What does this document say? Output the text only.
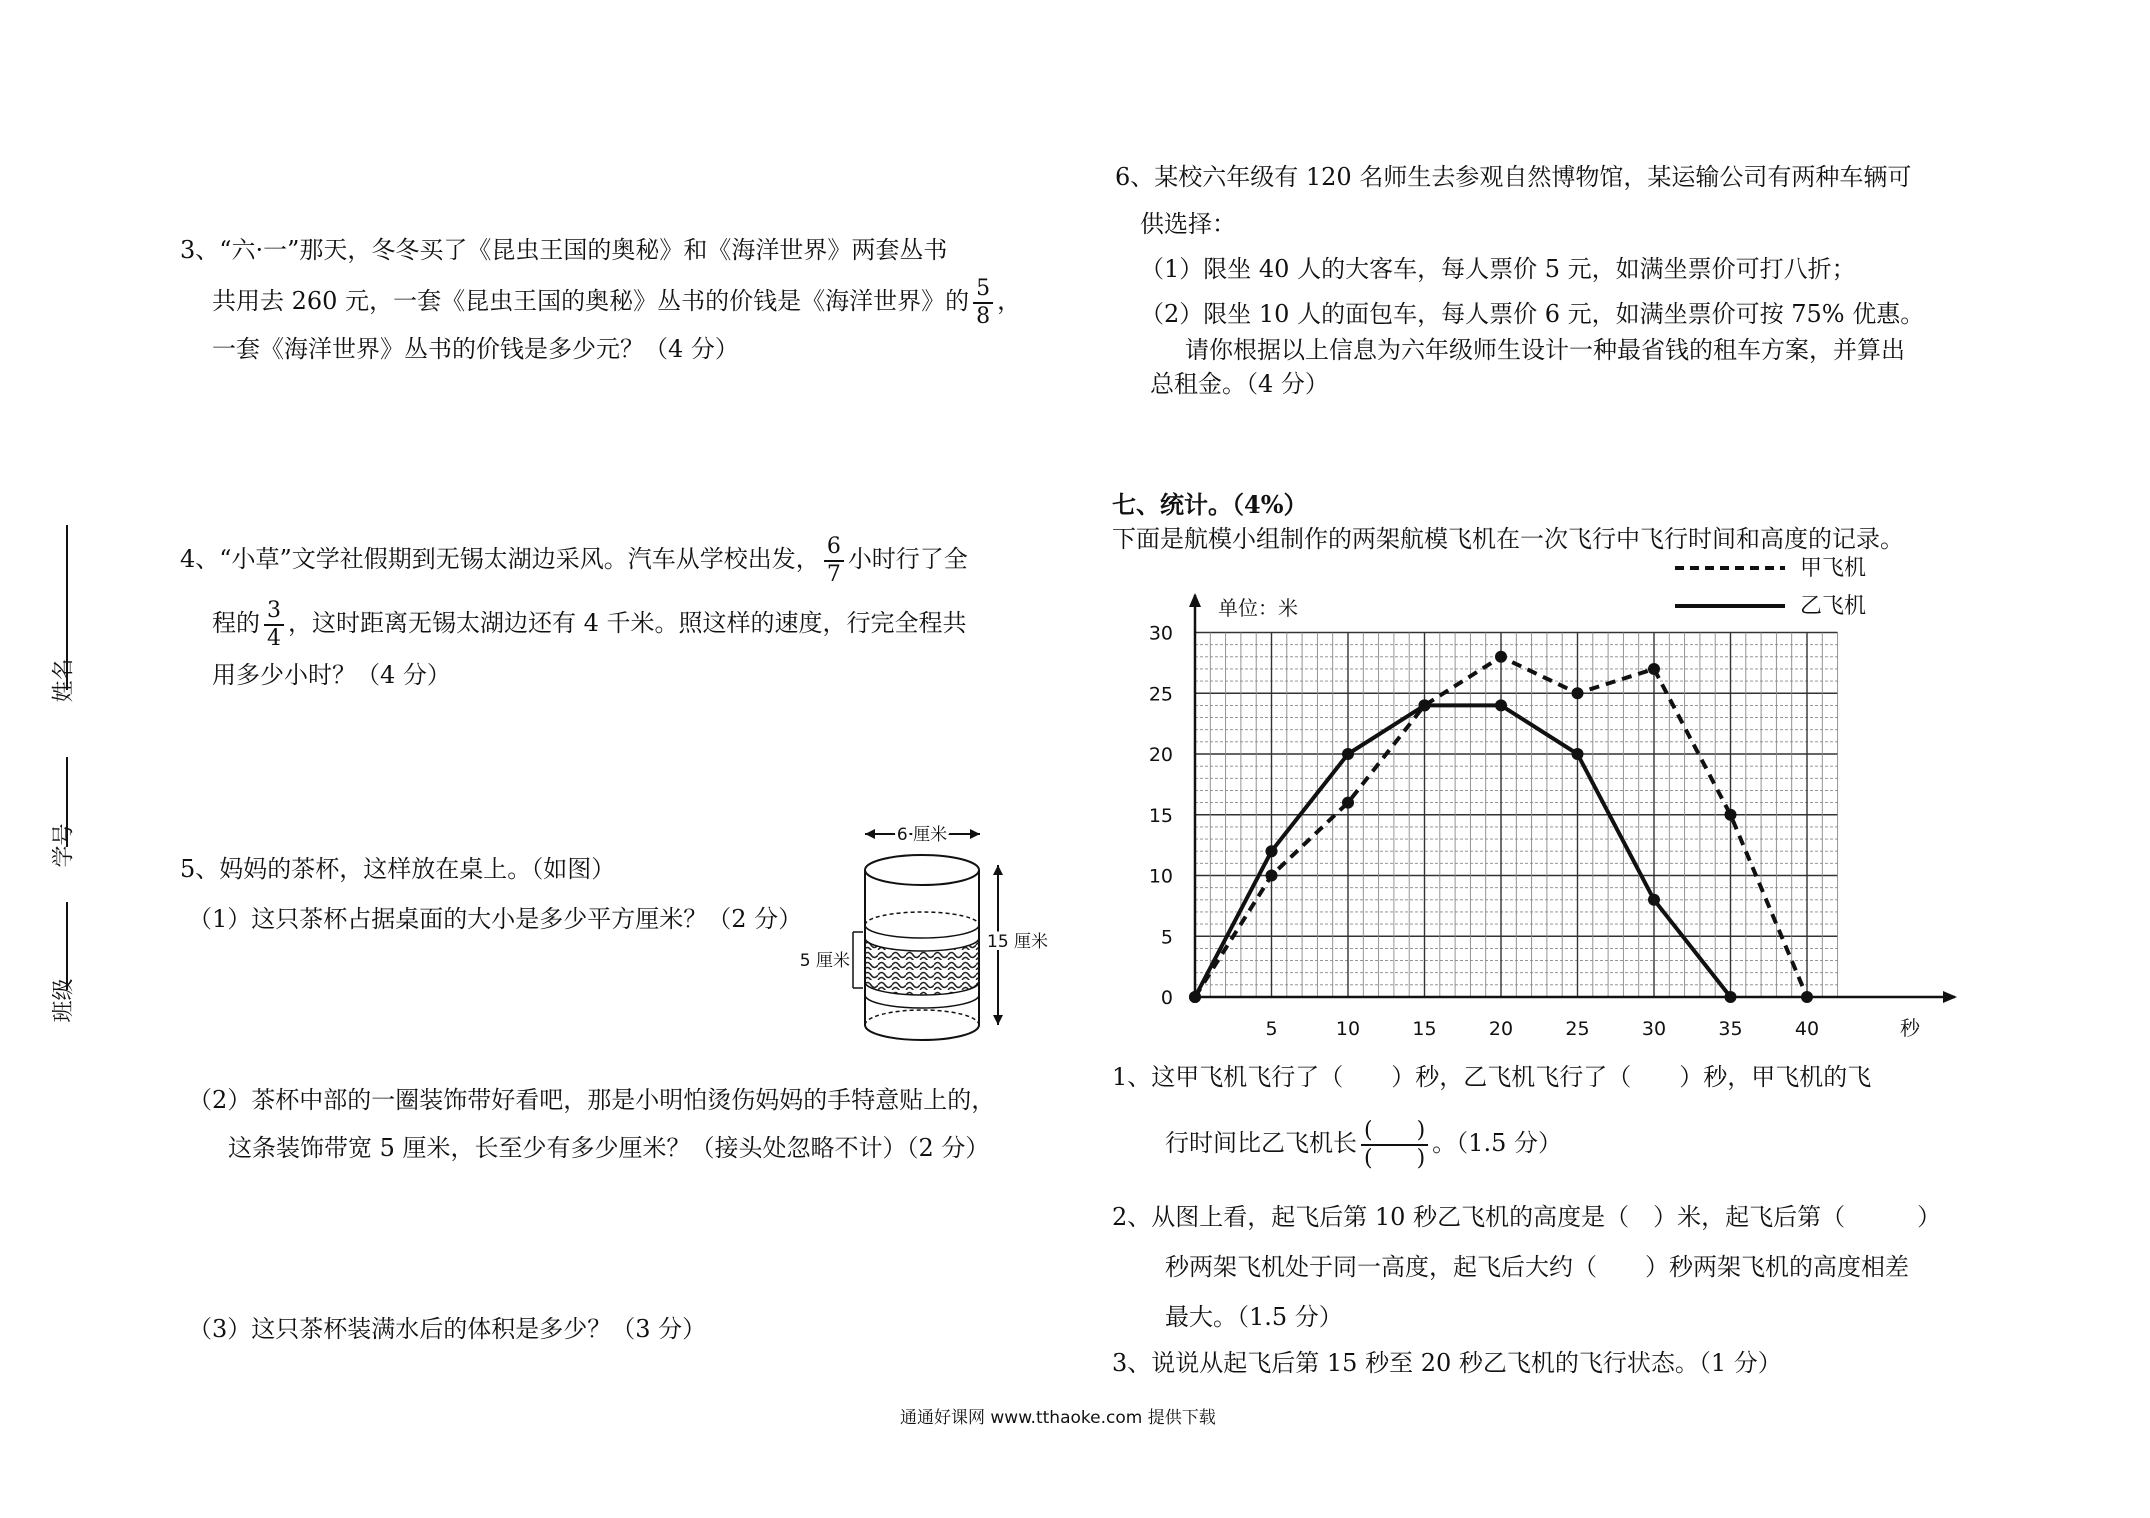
姓名
学号
班级
3、“六·一”那天，冬冬买了《昆虫王国的奥秘》和《海洋世界》两套丛书
共用去 260 元，一套《昆虫王国的奥秘》丛书的价钱是《海洋世界》的 $\frac{5}{8}$ ，
一套《海洋世界》丛书的价钱是多少元？（4 分）
4、“小草”文学社假期到无锡太湖边采风。汽车从学校出发， $\frac{6}{7}$ 小时行了全
程的 $\frac{3}{4}$ ，这时距离无锡太湖边还有 4 千米。照这样的速度，行完全程共
用多少小时？（4 分）
5、妈妈的茶杯，这样放在桌上。（如图）
（1）这只茶杯占据桌面的大小是多少平方厘米？（2 分）
（2）茶杯中部的一圈装饰带好看吧，那是小明怕烫伤妈妈的手特意贴上的，
这条装饰带宽 5 厘米，长至少有多少厘米？（接头处忽略不计）（2 分）
（3）这只茶杯装满水后的体积是多少？（3 分）
6 厘米
15 厘米
5 厘米
6、某校六年级有 120 名师生去参观自然博物馆，某运输公司有两种车辆可
供选择：
（1）限坐 40 人的大客车，每人票价 5 元，如满坐票价可打八折；
（2）限坐 10 人的面包车，每人票价 6 元，如满坐票价可按 75% 优惠。
请你根据以上信息为六年级师生设计一种最省钱的租车方案，并算出
总租金。（4 分）
七、统计。（4%）
下面是航模小组制作的两架航模飞机在一次飞行中飞行时间和高度的记录。
单位：米
秒
5	10	15	20	25	30	35	40
0
5
10
15
20
25
30
甲飞机
乙飞机
1、这甲飞机飞行了（　　）秒，乙飞机飞行了（　　）秒，甲飞机的飞
行时间比乙飞机长 $\frac{( )}{( )}$ 。（1.5 分）
2、从图上看，起飞后第 10 秒乙飞机的高度是（　）米，起飞后第（　　　）
秒两架飞机处于同一高度，起飞后大约（　　）秒两架飞机的高度相差
最大。（1.5 分）
3、说说从起飞后第 15 秒至 20 秒乙飞机的飞行状态。（1 分）
通通好课网 www.tthaoke.com 提供下载
